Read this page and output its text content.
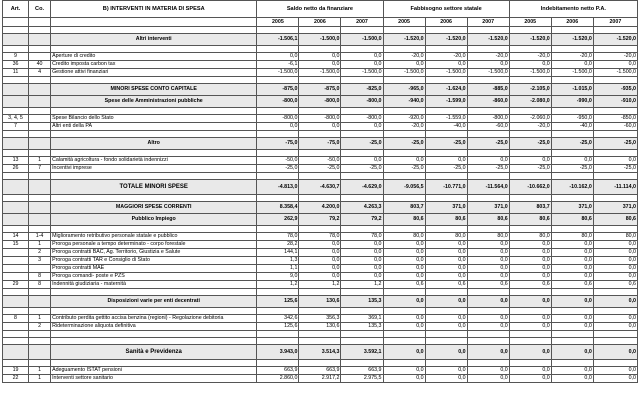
Art.	Co.	B) INTERVENTI IN MATERIA DI SPESA	Saldo netto da finanziare			Fabbisogno settore statale			Indebitamento netto P.A.		
			2005	2006	2007	2005	2006	2007	2005	2006	2007

		Altri interventi	-1.506,1	-1.500,0	-1.500,0	-1.520,0	-1.520,0	-1.520,0	-1.520,0	-1.520,0	-1.520,0

9		Aperture di credito	0,0	0,0	0,0	-20,0	-20,0	-20,0	-20,0	-20,0	-20,0
36	40	Credito imposta carbon tax	-6,1	0,0	0,0	0,0	0,0	0,0	0,0	0,0	0,0
11	4	Gestione attivi finanziari	-1.500,0	-1.500,0	-1.500,0	-1.500,0	-1.500,0	-1.500,0	-1.500,0	-1.500,0	-1.500,0

		MINORI SPESE CONTO CAPITALE	-875,0	-875,0	-825,0	-965,0	-1.624,0	-885,0	-2.105,0	-1.015,0	-935,0
		Spese delle Amministrazioni pubbliche	-800,0	-800,0	-800,0	-940,0	-1.599,0	-860,0	-2.080,0	-990,0	-910,0

3, 4, 5		Spese Bilancio dello Stato	-800,0	-800,0	-800,0	-920,0	-1.559,0	-800,0	-2.060,0	-950,0	-850,0
7		Altri enti della PA	0,0	0,0	0,0	-20,0	-40,0	-60,0	-20,0	-40,0	-60,0

		Altro	-75,0	-75,0	-25,0	-25,0	-25,0	-25,0	-25,0	-25,0	-25,0

13	1	Calamità agricoltura - fondo solidarietà indennizzi	-50,0	-50,0	0,0	0,0	0,0	0,0	0,0	0,0	0,0
26	7	Incentivi imprese	-25,0	-25,0	-25,0	-25,0	-25,0	-25,0	-25,0	-25,0	-25,0

		TOTALE MINORI SPESE	-4.813,0	-4.630,7	-4.629,0	-9.056,5	-10.771,0	-11.564,0	-10.662,0	-10.162,0	-11.114,0

		MAGGIORI SPESE CORRENTI	8.358,4	4.200,0	4.263,3	803,7	371,0	371,0	803,7	371,0	371,0
		Pubblico Impiego	262,9	79,2	79,2	80,6	80,6	80,6	80,6	80,6	80,6

14	1-4	Miglioramento retributivo personale statale e pubblico	78,0	78,0	78,0	80,0	80,0	80,0	80,0	80,0	80,0
15	1	Proroga personale a tempo determinato - corpo forestale	28,2	0,0	0,0	0,0	0,0	0,0	0,0	0,0	0,0
	2	Proroga contratti BAC, Ag. Territorio, Giustizia e Salute	144,1	0,0	0,0	0,0	0,0	0,0	0,0	0,0	0,0
	3	Proroga contratti TAR e Consiglio di Stato	1,3	0,0	0,0	0,0	0,0	0,0	0,0	0,0	0,0
		Proroga contratti MAE	1,1	0,0	0,0	0,0	0,0	0,0	0,0	0,0	0,0
	8	Proroga comandi- poste e PZS	9,0	0,0	0,0	0,0	0,0	0,0	0,0	0,0	0,0
29	8	Indennità giudiziaria - maternità	1,2	1,2	1,2	0,6	0,6	0,6	0,6	0,6	0,6

		Disposizioni varie per enti decentrati	125,6	130,6	135,3	0,0	0,0	0,0	0,0	0,0	0,0

8	1	Contributo perdita gettito accisa benzina (regioni) - Regolazione debitoria	342,6	356,3	369,1	0,0	0,0	0,0	0,0	0,0	0,0
	2	Rideterminazione aliquota definitiva	125,6	130,6	135,3	0,0	0,0	0,0	0,0	0,0	0,0

		Sanità e Previdenza	3.943,0	3.514,3	3.592,1	0,0	0,0	0,0	0,0	0,0	0,0

19	1	Adeguamento ISTAT pensioni	663,9	663,9	663,9	0,0	0,0	0,0	0,0	0,0	0,0
22	1	Interventi settore sanitario	2.860,0	2.917,2	2.975,5	0,0	0,0	0,0	0,0	0,0	0,0
